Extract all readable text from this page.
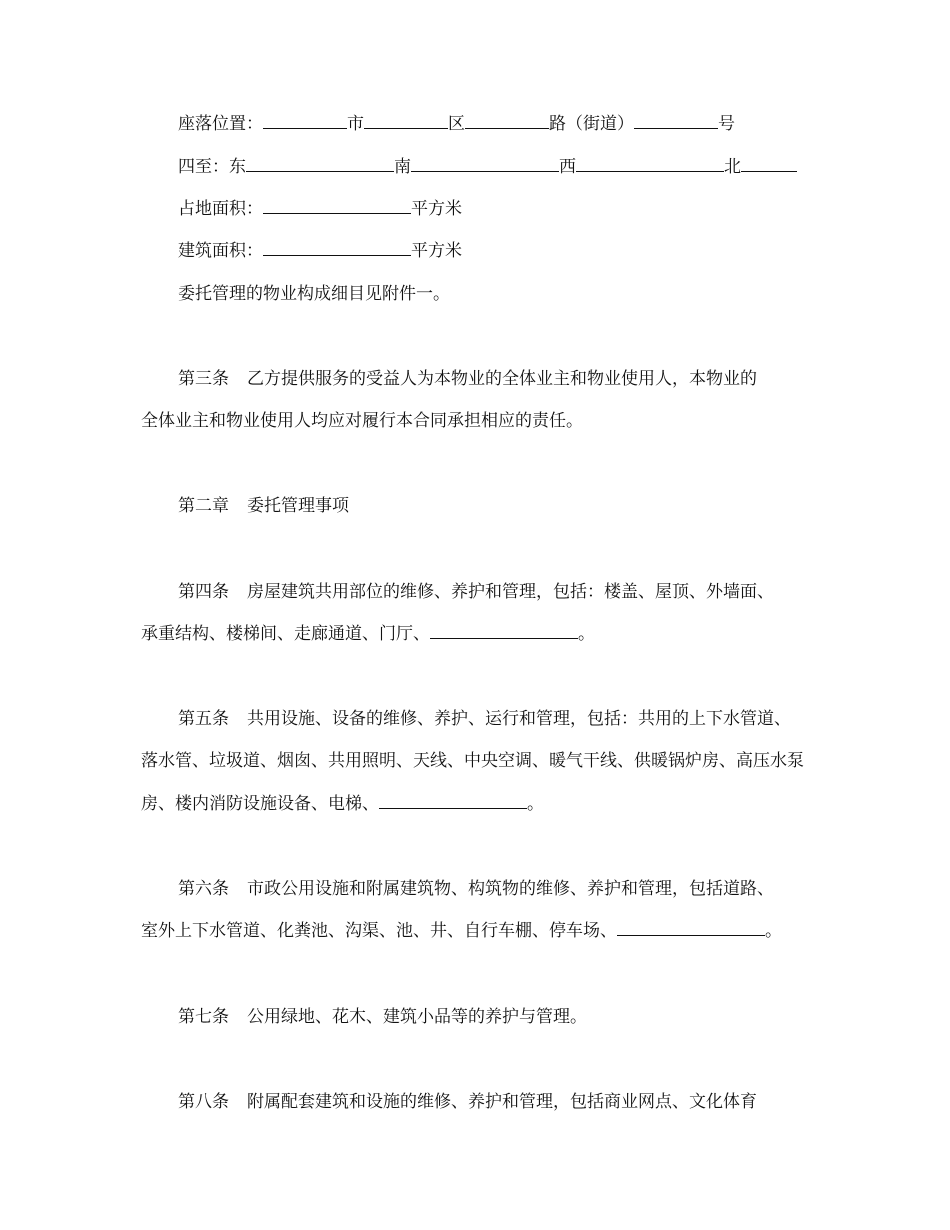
座落位置：	市	区	路（街道）	号
四至：东	南	西	北
占地面积：	平方米
建筑面积：	平方米
委托管理的物业构成细目见附件一。
第三条 乙方提供服务的受益人为本物业的全体业主和物业使用人，本物业的
全体业主和物业使用人均应对履行本合同承担相应的责任。
第二章 委托管理事项
第四条 房屋建筑共用部位的维修、养护和管理，包括：楼盖、屋顶、外墙面、
承重结构、楼梯间、走廊通道、门厅、	。
第五条 共用设施、设备的维修、养护、运行和管理，包括：共用的上下水管道、
落水管、垃圾道、烟囱、共用照明、天线、中央空调、暖气干线、供暖锅炉房、高压水泵
房、楼内消防设施设备、电梯、	。
第六条 市政公用设施和附属建筑物、构筑物的维修、养护和管理，包括道路、
室外上下水管道、化粪池、沟渠、池、井、自行车棚、停车场、	。
第七条 公用绿地、花木、建筑小品等的养护与管理。
第八条 附属配套建筑和设施的维修、养护和管理，包括商业网点、文化体育
